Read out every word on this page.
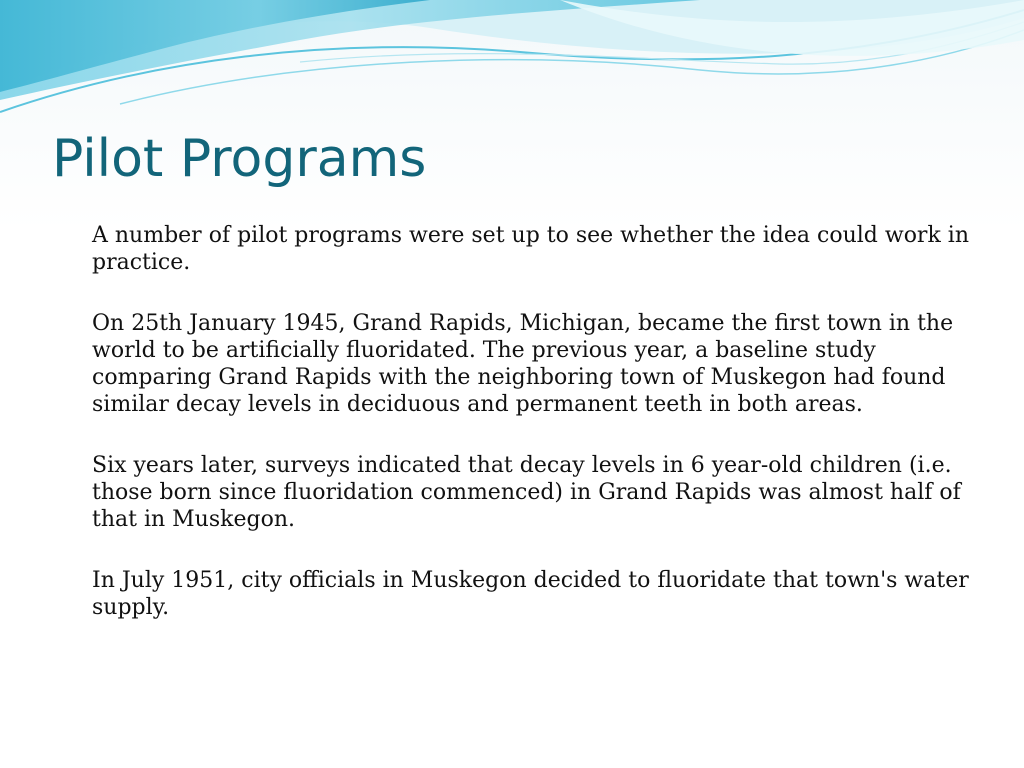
Pilot Programs

A number of pilot programs were set up to see whether the idea could work in practice.

On 25th January 1945, Grand Rapids, Michigan, became the first town in the world to be artificially fluoridated. The previous year, a baseline study comparing Grand Rapids with the neighboring town of Muskegon had found similar decay levels in deciduous and permanent teeth in both areas.

Six years later, surveys indicated that decay levels in 6 year-old children (i.e. those born since fluoridation commenced) in Grand Rapids was almost half of that in Muskegon.

In July 1951, city officials in Muskegon decided to fluoridate that town's water supply.
